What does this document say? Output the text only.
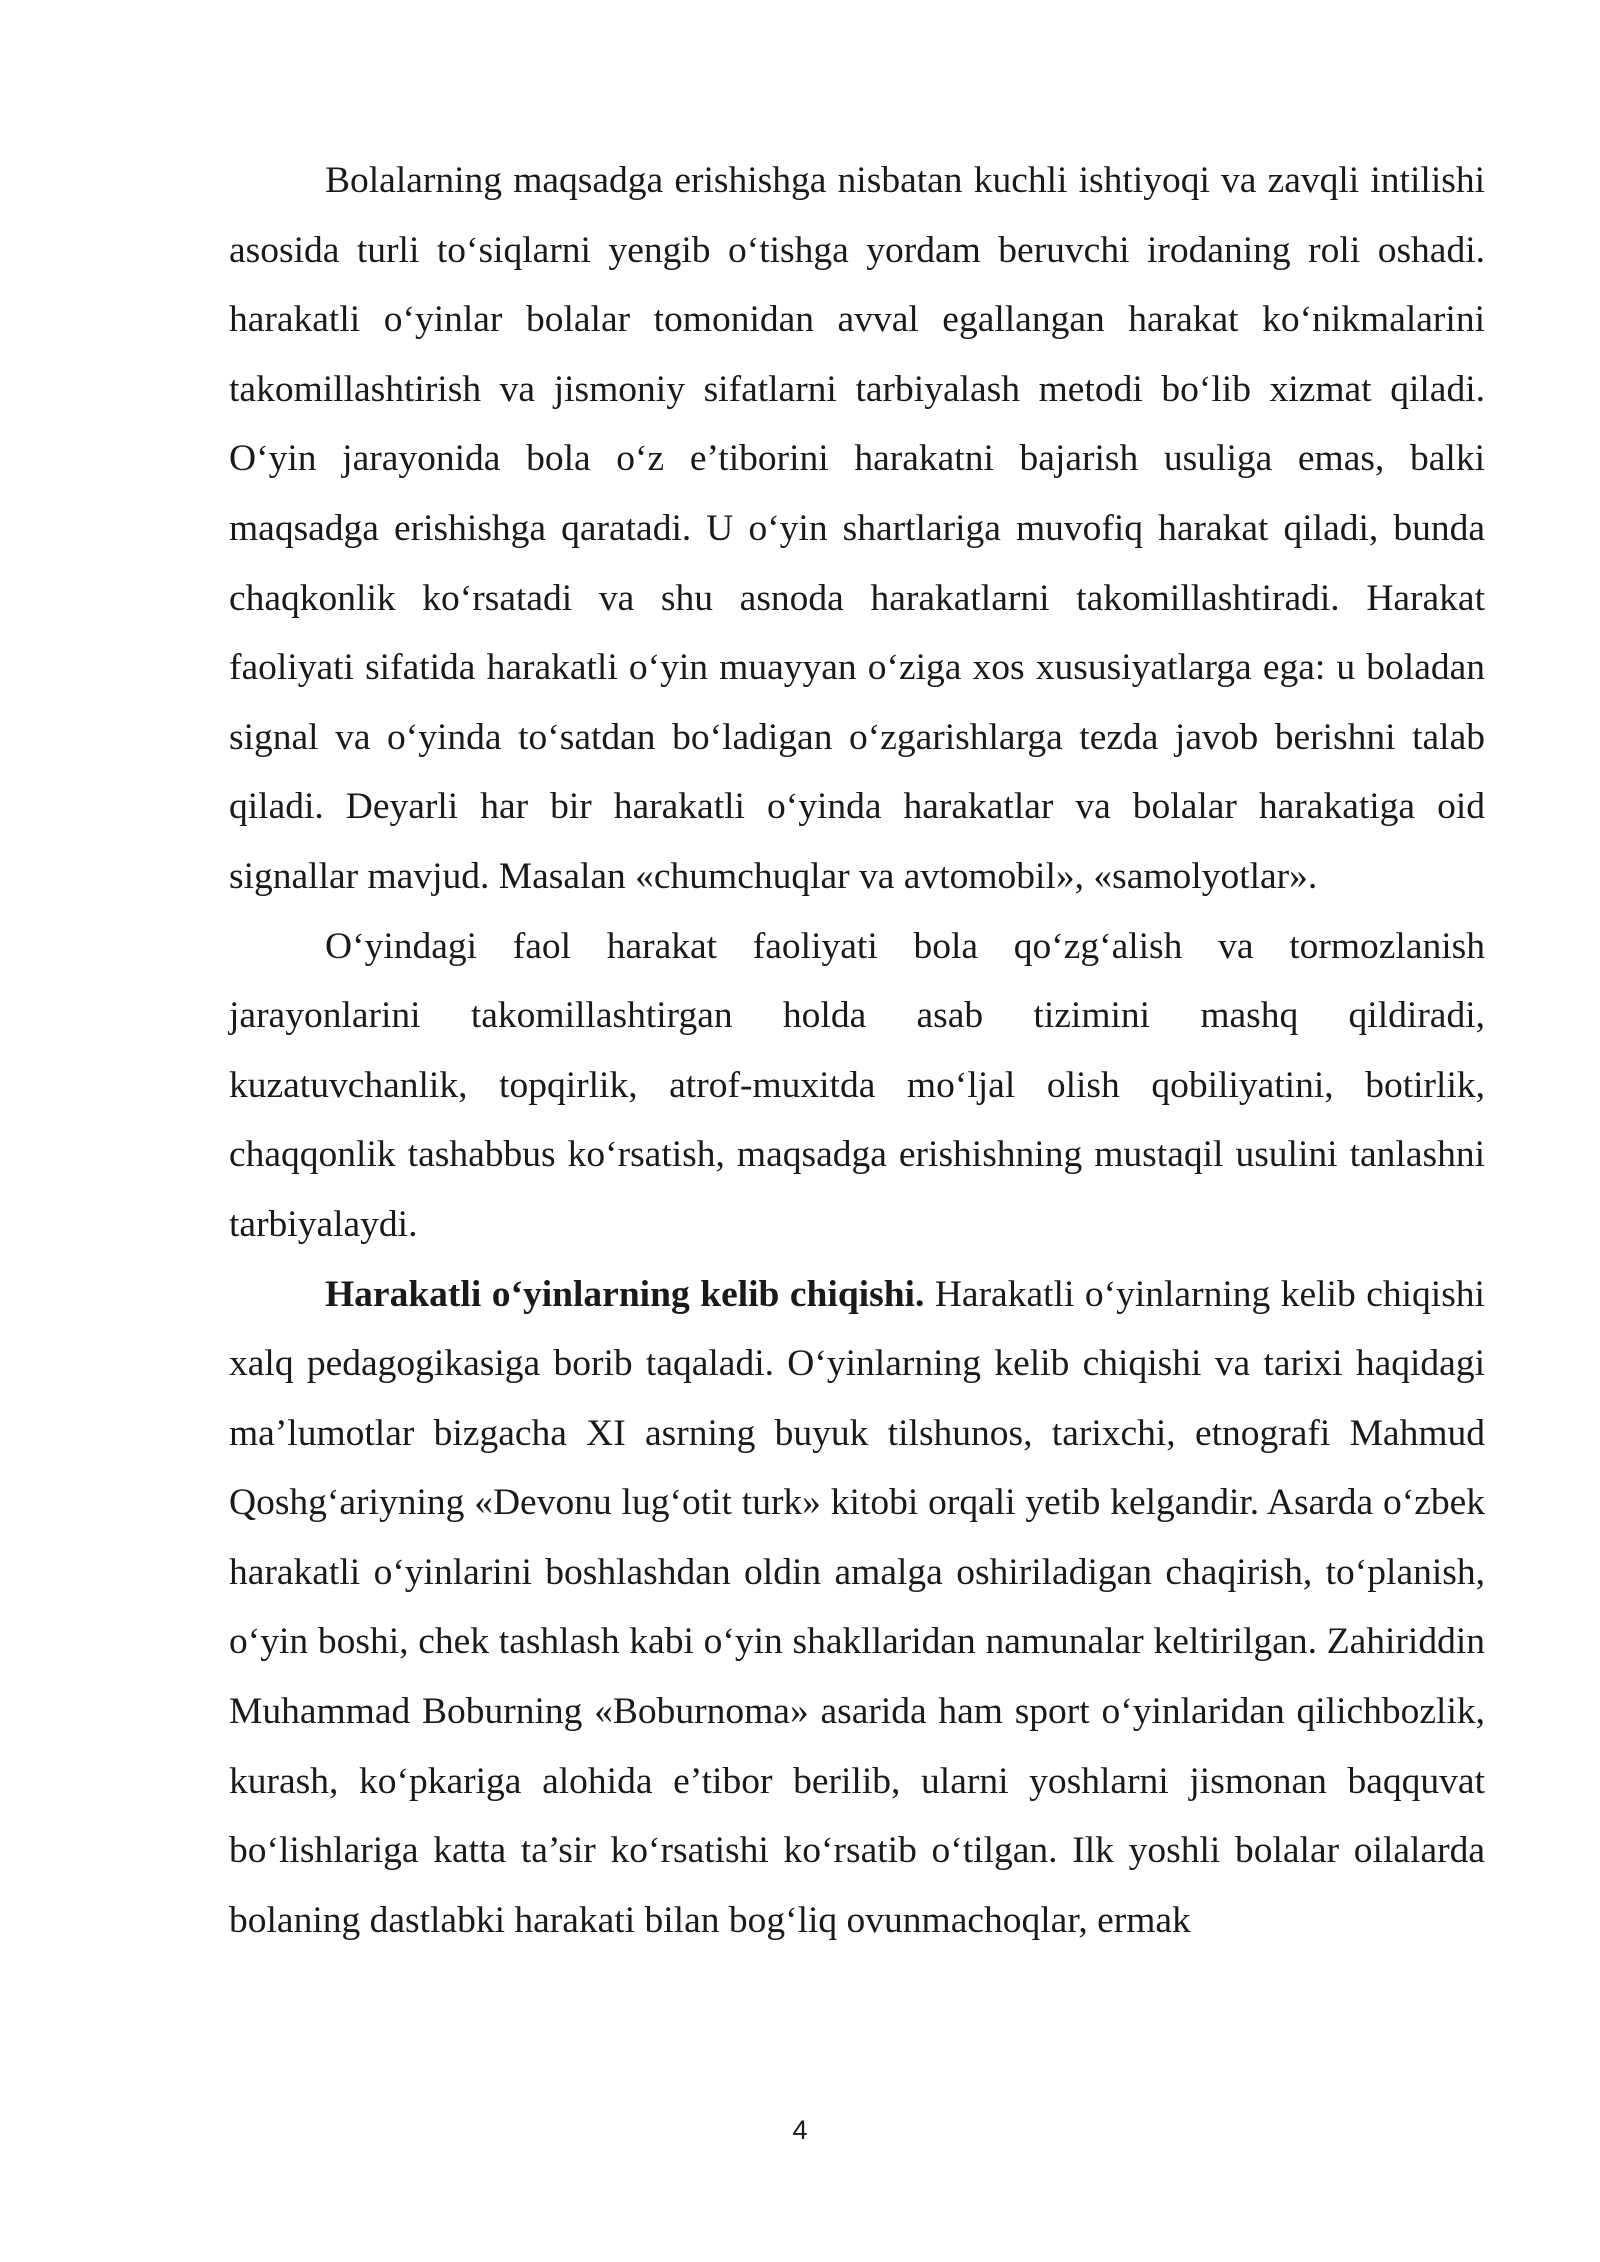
Bolalarning maqsadga erishishga nisbatan kuchli ishtiyoqi va zavqli intilishi asosida turli to‘siqlarni yengib o‘tishga yordam beruvchi irodaning roli oshadi. harakatli o‘yinlar bolalar tomonidan avval egallangan harakat ko‘nikmalarini takomillashtirish va jismoniy sifatlarni tarbiyalash metodi bo‘lib xizmat qiladi. O‘yin jarayonida bola o‘z e’tiborini harakatni bajarish usuliga emas, balki maqsadga erishishga qaratadi. U o‘yin shartlariga muvofiq harakat qiladi, bunda chaqkonlik ko‘rsatadi va shu asnoda harakatlarni takomillashtiradi. Harakat faoliyati sifatida harakatli o‘yin muayyan o‘ziga xos xususiyatlarga ega: u boladan signal va o‘yinda to‘satdan bo‘ladigan o‘zgarishlarga tezda javob berishni talab qiladi. Deyarli har bir harakatli o‘yinda harakatlar va bolalar harakatiga oid signallar mavjud. Masalan «chumchuqlar va avtomobil», «samolyotlar».

O‘yindagi faol harakat faoliyati bola qo‘zg‘alish va tormozlanish jarayonlarini takomillashtirgan holda asab tizimini mashq qildiradi, kuzatuvchanlik, topqirlik, atrof-muxitda mo‘ljal olish qobiliyatini, botirlik, chaqqonlik tashabbus ko‘rsatish, maqsadga erishishning mustaqil usulini tanlashni tarbiyalaydi.

Harakatli o‘yinlarning kelib chiqishi. Harakatli o‘yinlarning kelib chiqishi xalq pedagogikasiga borib taqaladi. O‘yinlarning kelib chiqishi va tarixi haqidagi ma’lumotlar bizgacha XI asrning buyuk tilshunos, tarixchi, etnografi Mahmud Qoshg‘ariyning «Devonu lug‘otit turk» kitobi orqali yetib kelgandir. Asarda o‘zbek harakatli o‘yinlarini boshlashdan oldin amalga oshiriladigan chaqirish, to‘planish, o‘yin boshi, chek tashlash kabi o‘yin shakllaridan namunalar keltirilgan. Zahiriddin Muhammad Boburning «Boburnoma» asarida ham sport o‘yinlaridan qilichbozlik, kurash, ko‘pkariga alohida e’tibor berilib, ularni yoshlarni jismonan baqquvat bo‘lishlariga katta ta’sir ko‘rsatishi ko‘rsatib o‘tilgan. Ilk yoshli bolalar oilalarda bolaning dastlabki harakati bilan bog‘liq ovunmachoqlar, ermak

4
